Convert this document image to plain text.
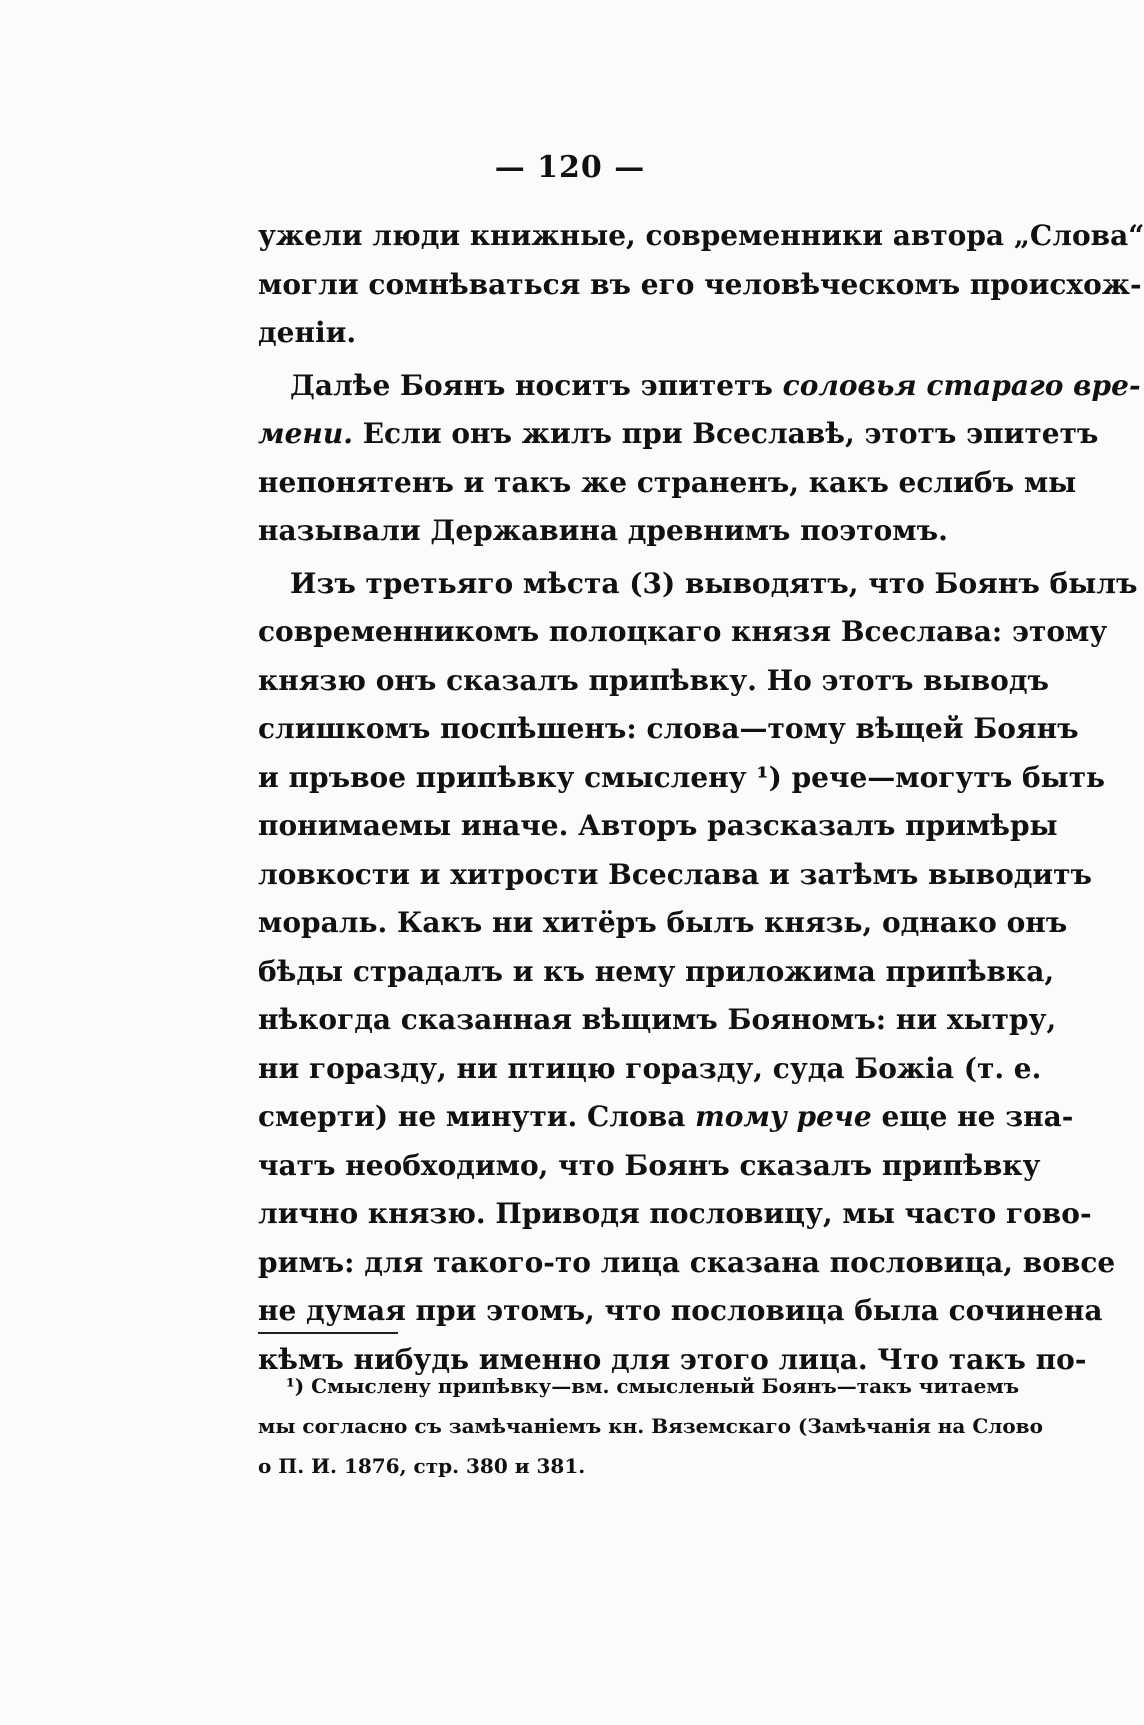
— 120 —
ужели люди книжные, современники автора „Слова“
могли сомнѣваться въ его человѣческомъ происхож-
деніи.
Далѣе Боянъ носитъ эпитетъ соловья стараго вре-
мени. Если онъ жилъ при Всеславѣ, этотъ эпитетъ
непонятенъ и такъ же страненъ, какъ еслибъ мы
называли Державина древнимъ поэтомъ.
Изъ третьяго мѣста (3) выводятъ, что Боянъ былъ
современникомъ полоцкаго князя Всеслава: этому
князю онъ сказалъ припѣвку. Но этотъ выводъ
слишкомъ поспѣшенъ: слова—тому вѣщей Боянъ
и пръвое припѣвку смыслену ¹) рече—могутъ быть
понимаемы иначе. Авторъ разсказалъ примѣры
ловкости и хитрости Всеслава и затѣмъ выводитъ
мораль. Какъ ни хитёръ былъ князь, однако онъ
бѣды страдалъ и къ нему приложима припѣвка,
нѣкогда сказанная вѣщимъ Бояномъ: ни хытру,
ни горазду, ни птицю горазду, суда Божіа (т. е.
смерти) не минути. Слова тому рече еще не зна-
чатъ необходимо, что Боянъ сказалъ припѣвку
лично князю. Приводя пословицу, мы часто гово-
римъ: для такого-то лица сказана пословица, вовсе
не думая при этомъ, что пословица была сочинена
кѣмъ нибудь именно для этого лица. Что такъ по-
¹) Смыслену припѣвку—вм. смысленый Боянъ—такъ читаемъ
мы согласно съ замѣчаніемъ кн. Вяземскаго (Замѣчанія на Слово
о П. И. 1876, стр. 380 и 381.
